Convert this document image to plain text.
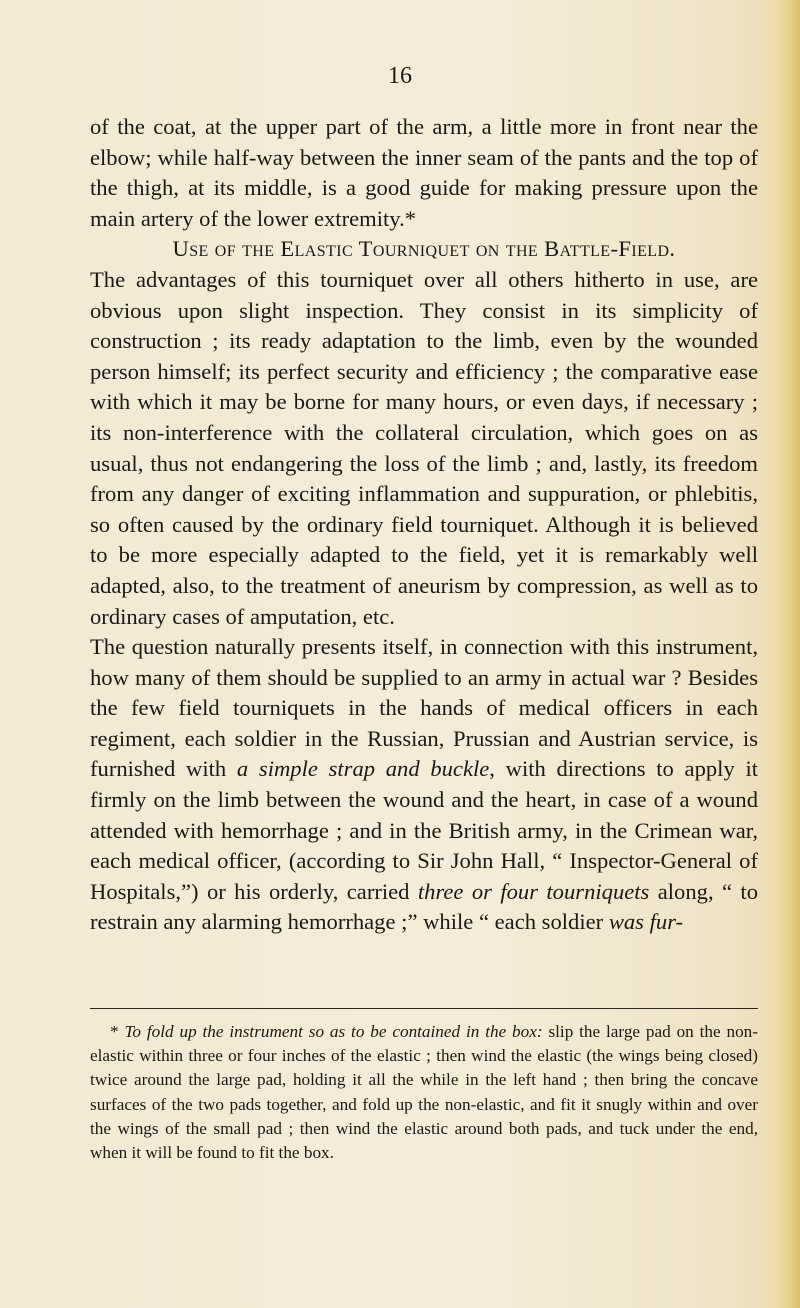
16

of the coat, at the upper part of the arm, a little more in front near the elbow; while half-way between the inner seam of the pants and the top of the thigh, at its middle, is a good guide for making pressure upon the main artery of the lower extremity.*

Use of the Elastic Tourniquet on the Battle-Field.

The advantages of this tourniquet over all others hitherto in use, are obvious upon slight inspection. They consist in its simplicity of construction ; its ready adaptation to the limb, even by the wounded person himself; its perfect security and efficiency ; the comparative ease with which it may be borne for many hours, or even days, if necessary ; its non-interference with the collateral circulation, which goes on as usual, thus not endangering the loss of the limb ; and, lastly, its freedom from any danger of exciting inflammation and suppuration, or phlebitis, so often caused by the ordinary field tourniquet. Although it is believed to be more especially adapted to the field, yet it is remarkably well adapted, also, to the treatment of aneurism by compression, as well as to ordinary cases of amputation, etc.

The question naturally presents itself, in connection with this instrument, how many of them should be supplied to an army in actual war ? Besides the few field tourniquets in the hands of medical officers in each regiment, each soldier in the Russian, Prussian and Austrian service, is furnished with a simple strap and buckle, with directions to apply it firmly on the limb between the wound and the heart, in case of a wound attended with hemorrhage ; and in the British army, in the Crimean war, each medical officer, (according to Sir John Hall, “ Inspector-General of Hospitals,”) or his orderly, carried three or four tourniquets along, “ to restrain any alarming hemorrhage ;” while “ each soldier was fur-

* To fold up the instrument so as to be contained in the box: slip the large pad on the non-elastic within three or four inches of the elastic ; then wind the elastic (the wings being closed) twice around the large pad, holding it all the while in the left hand ; then bring the concave surfaces of the two pads together, and fold up the non-elastic, and fit it snugly within and over the wings of the small pad ; then wind the elastic around both pads, and tuck under the end, when it will be found to fit the box.
